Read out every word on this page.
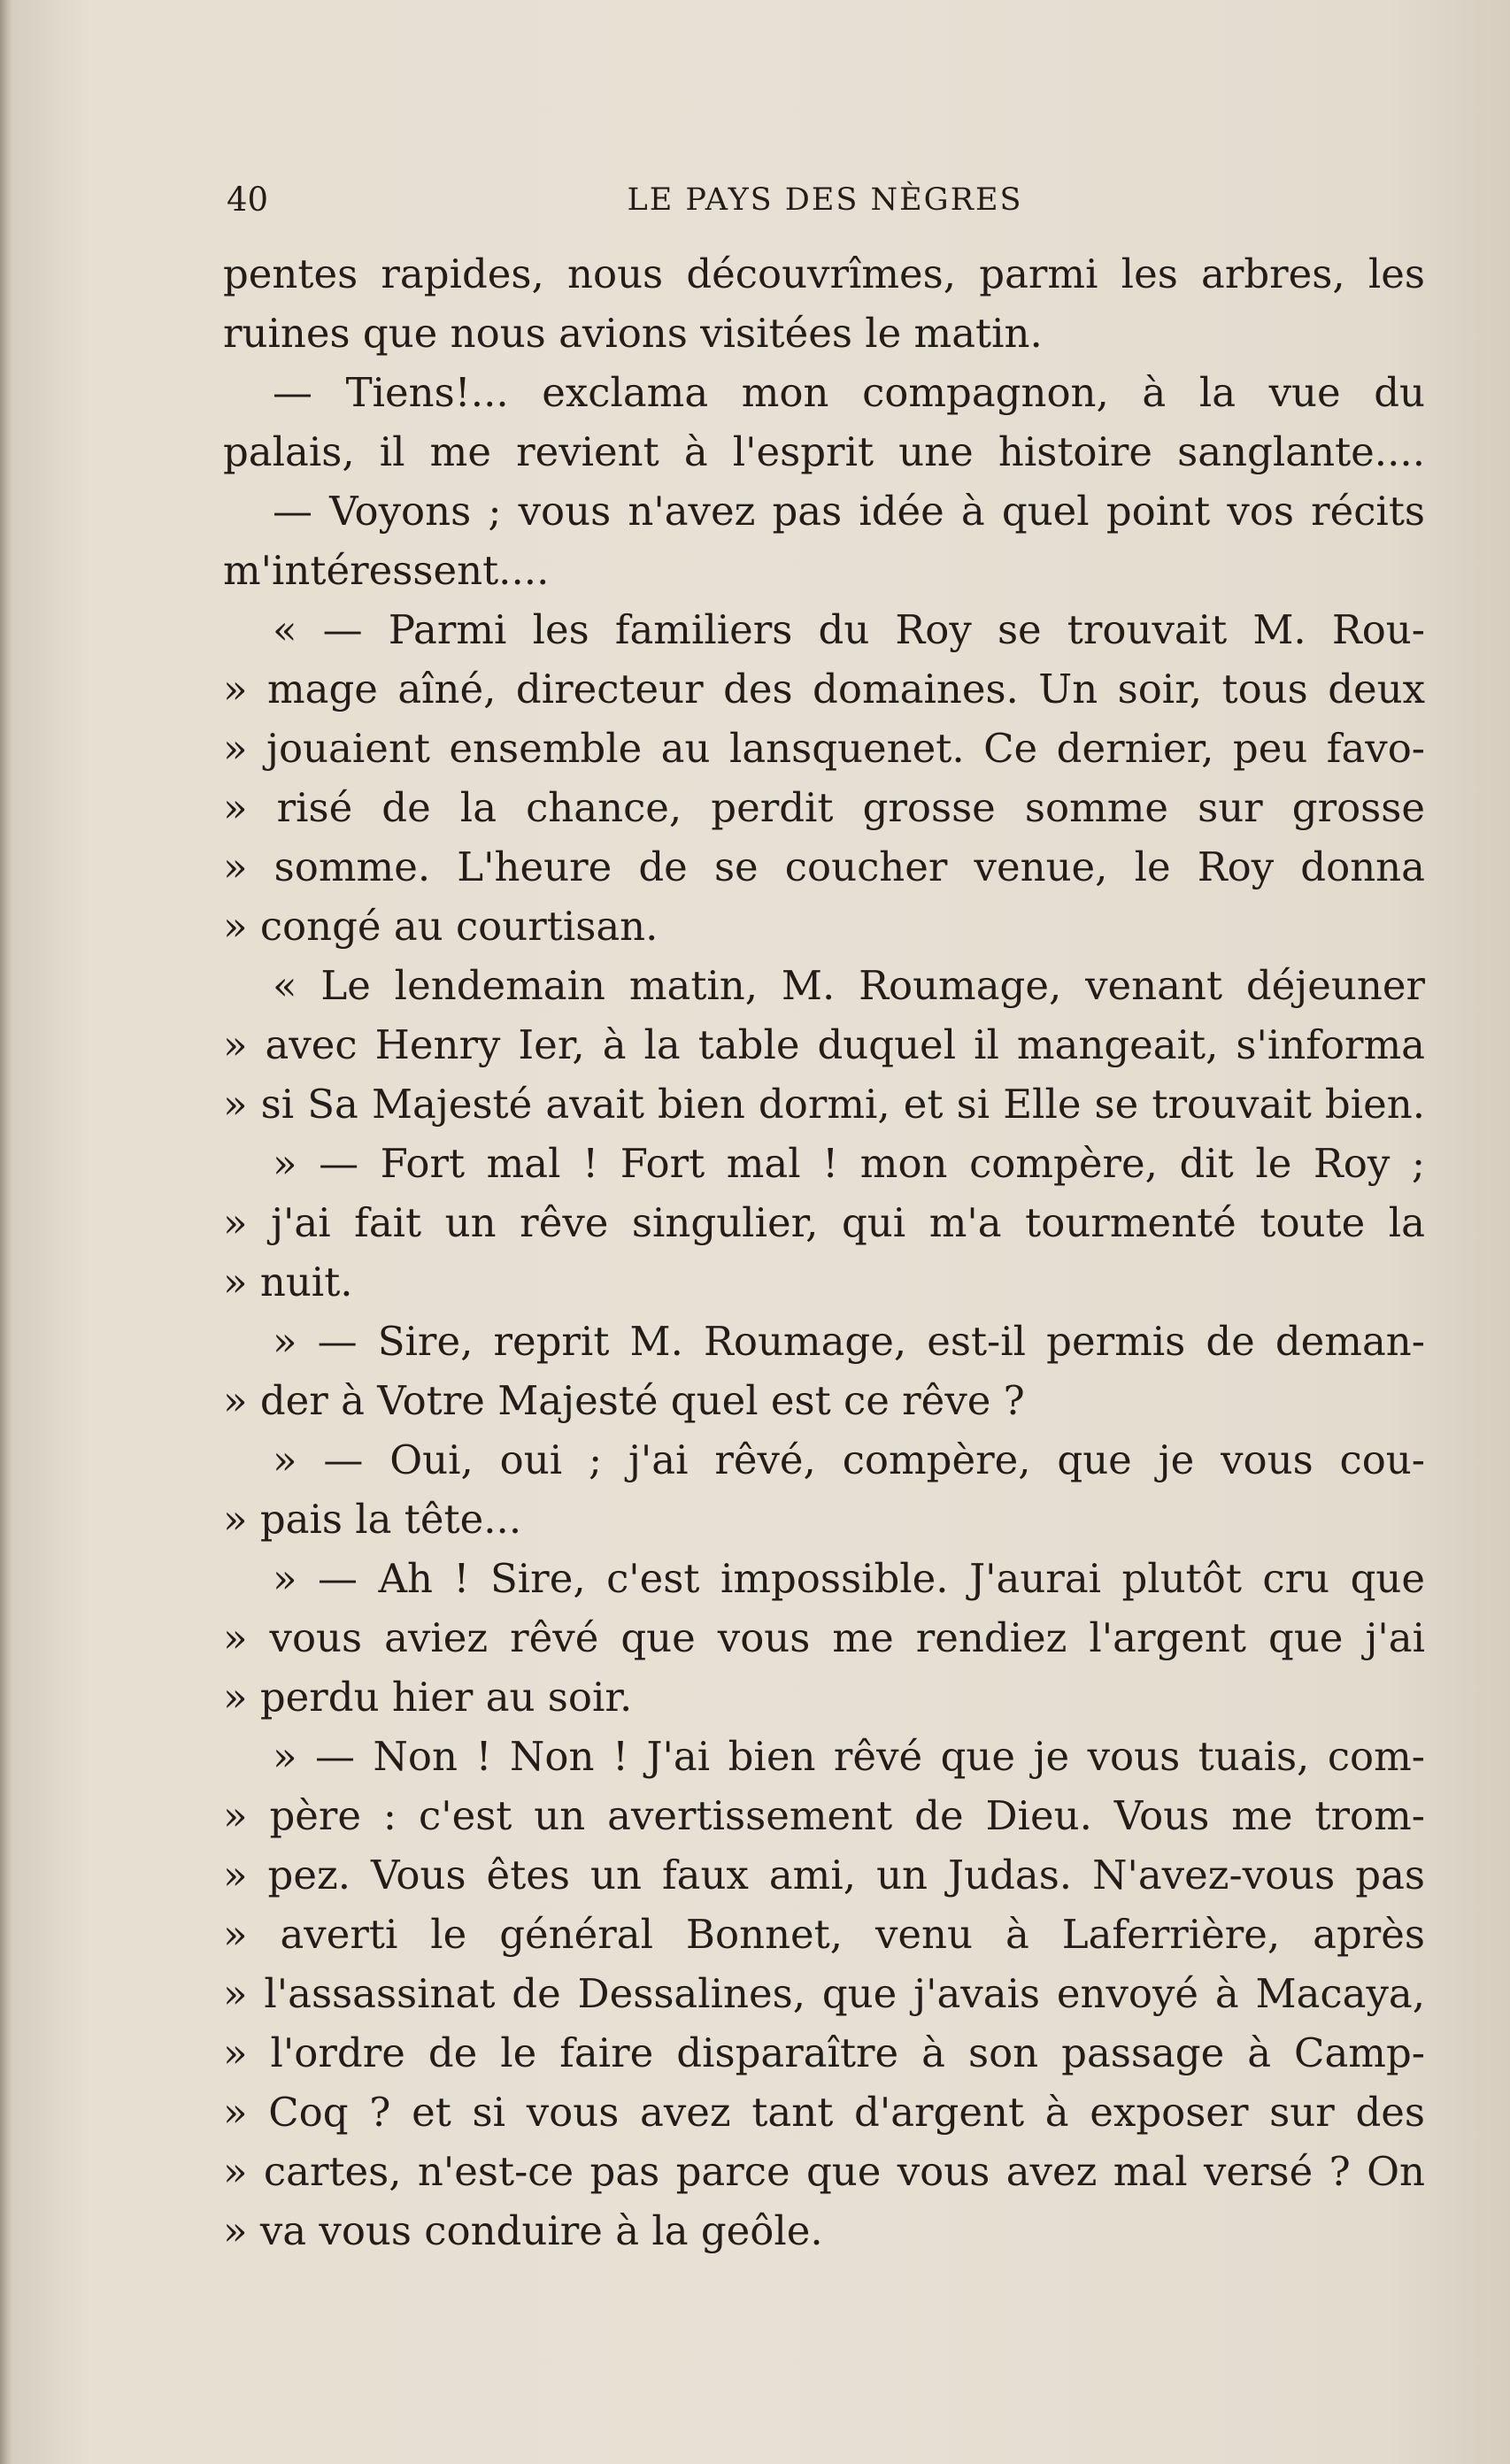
40	LE PAYS DES NÈGRES
pentes rapides, nous découvrîmes, parmi les arbres, les
ruines que nous avions visitées le matin.
— Tiens!... exclama mon compagnon, à la vue du
palais, il me revient à l'esprit une histoire sanglante....
— Voyons ; vous n'avez pas idée à quel point vos récits
m'intéressent....
« — Parmi les familiers du Roy se trouvait M. Rou-
» mage aîné, directeur des domaines. Un soir, tous deux
» jouaient ensemble au lansquenet. Ce dernier, peu favo-
» risé de la chance, perdit grosse somme sur grosse
» somme. L'heure de se coucher venue, le Roy donna
» congé au courtisan.
« Le lendemain matin, M. Roumage, venant déjeuner
» avec Henry Ier, à la table duquel il mangeait, s'informa
» si Sa Majesté avait bien dormi, et si Elle se trouvait bien.
» — Fort mal ! Fort mal ! mon compère, dit le Roy ;
» j'ai fait un rêve singulier, qui m'a tourmenté toute la
» nuit.
» — Sire, reprit M. Roumage, est-il permis de deman-
» der à Votre Majesté quel est ce rêve ?
» — Oui, oui ; j'ai rêvé, compère, que je vous cou-
» pais la tête...
» — Ah ! Sire, c'est impossible. J'aurai plutôt cru que
» vous aviez rêvé que vous me rendiez l'argent que j'ai
» perdu hier au soir.
» — Non ! Non ! J'ai bien rêvé que je vous tuais, com-
» père : c'est un avertissement de Dieu. Vous me trom-
» pez. Vous êtes un faux ami, un Judas. N'avez-vous pas
» averti le général Bonnet, venu à Laferrière, après
» l'assassinat de Dessalines, que j'avais envoyé à Macaya,
» l'ordre de le faire disparaître à son passage à Camp-
» Coq ? et si vous avez tant d'argent à exposer sur des
» cartes, n'est-ce pas parce que vous avez mal versé ? On
» va vous conduire à la geôle.
